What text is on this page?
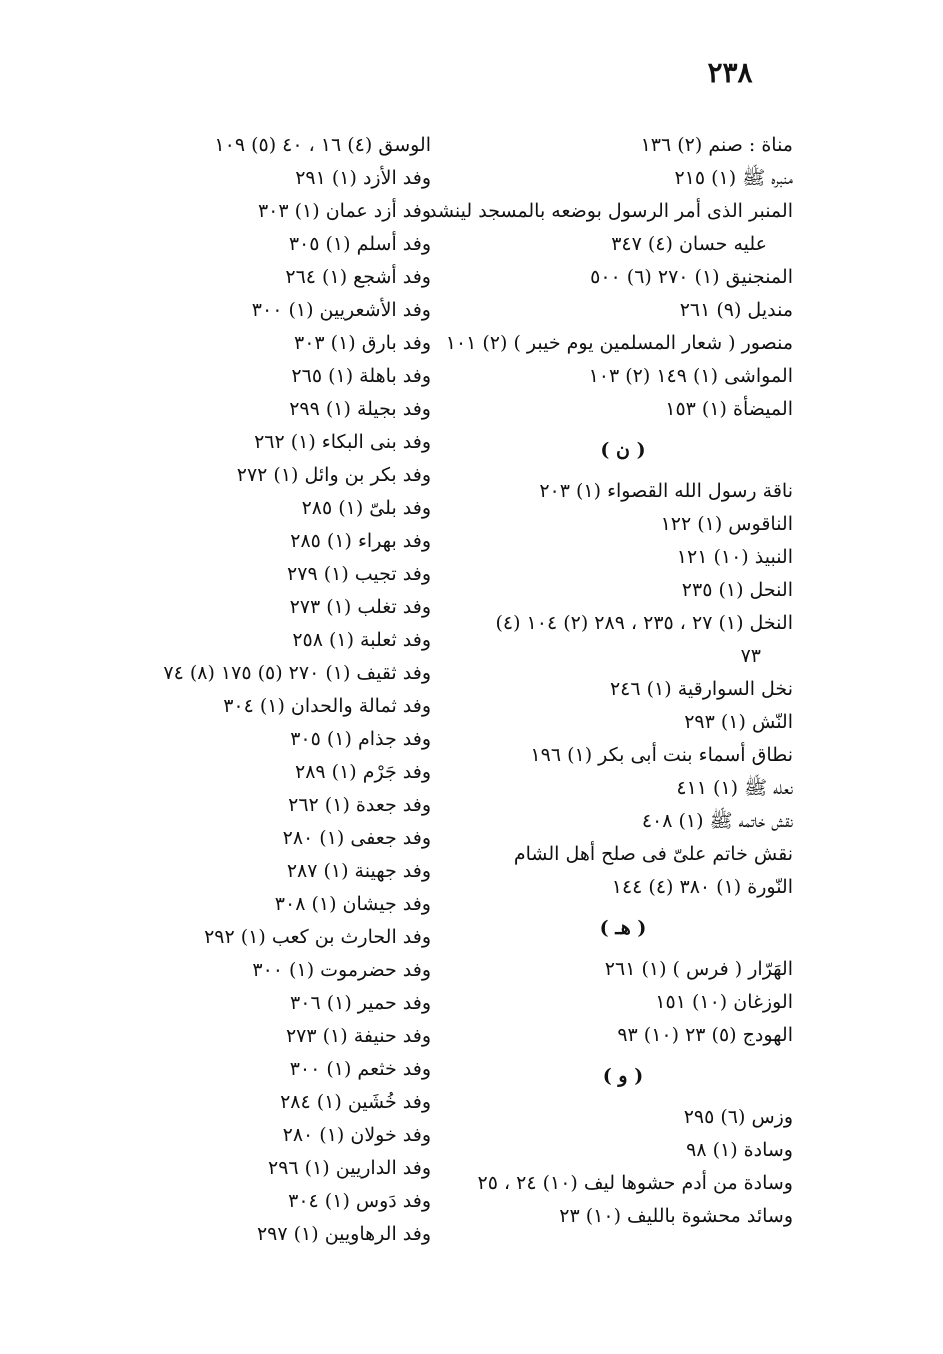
٢٣٨
مناة : صنم (٢) ١٣٦
منبره ﷺ (١) ٢١٥
المنبر الذى أمر الرسول بوضعه بالمسجد لينشد
عليه حسان (٤) ٣٤٧
المنجنيق (١) ٢٧٠ (٦) ٥٠٠
منديل (٩) ٢٦١
منصور ( شعار المسلمين يوم خيبر ) (٢) ١٠١
المواشى (١) ١٤٩ (٢) ١٠٣
الميضأة (١) ١٥٣
( ن )
ناقة رسول الله القصواء (١) ٢٠٣
الناقوس (١) ١٢٢
النبيذ (١٠) ١٢١
النحل (١) ٢٣٥
النخل (١) ٢٧ ، ٢٣٥ ، ٢٨٩ (٢) ١٠٤ (٤)
٧٣
نخل السوارقية (١) ٢٤٦
النّش (١) ٢٩٣
نطاق أسماء بنت أبى بكر (١) ١٩٦
نعله ﷺ (١) ٤١١
نقش خاتمه ﷺ (١) ٤٠٨
نقش خاتم علىّ فى صلح أهل الشام
النّورة (١) ٣٨٠ (٤) ١٤٤
( هـ )
الهَرّار ( فرس ) (١) ٢٦١
الوزغان (١٠) ١٥١
الهودج (٥) ٢٣ (١٠) ٩٣
( و )
وزس (٦) ٢٩٥
وسادة (١) ٩٨
وسادة من أدم حشوها ليف (١٠) ٢٤ ، ٢٥
وسائد محشوة بالليف (١٠) ٢٣
الوسق (٤) ١٦ ، ٤٠ (٥) ١٠٩
وفد الأزد (١) ٢٩١
وفد أزد عمان (١) ٣٠٣
وفد أسلم (١) ٣٠٥
وفد أشجع (١) ٢٦٤
وفد الأشعريين (١) ٣٠٠
وفد بارق (١) ٣٠٣
وفد باهلة (١) ٢٦٥
وفد بجيلة (١) ٢٩٩
وفد بنى البكاء (١) ٢٦٢
وفد بكر بن وائل (١) ٢٧٢
وفد بلىّ (١) ٢٨٥
وفد بهراء (١) ٢٨٥
وفد تجيب (١) ٢٧٩
وفد تغلب (١) ٢٧٣
وفد ثعلبة (١) ٢٥٨
وفد ثقيف (١) ٢٧٠ (٥) ١٧٥ (٨) ٧٤
وفد ثمالة والحدان (١) ٣٠٤
وفد جذام (١) ٣٠٥
وفد جَرْم (١) ٢٨٩
وفد جعدة (١) ٢٦٢
وفد جعفى (١) ٢٨٠
وفد جهينة (١) ٢٨٧
وفد جيشان (١) ٣٠٨
وفد الحارث بن كعب (١) ٢٩٢
وفد حضرموت (١) ٣٠٠
وفد حمير (١) ٣٠٦
وفد حنيفة (١) ٢٧٣
وفد خثعم (١) ٣٠٠
وفد خُشَين (١) ٢٨٤
وفد خولان (١) ٢٨٠
وفد الداريين (١) ٢٩٦
وفد دَوس (١) ٣٠٤
وفد الرهاويين (١) ٢٩٧
